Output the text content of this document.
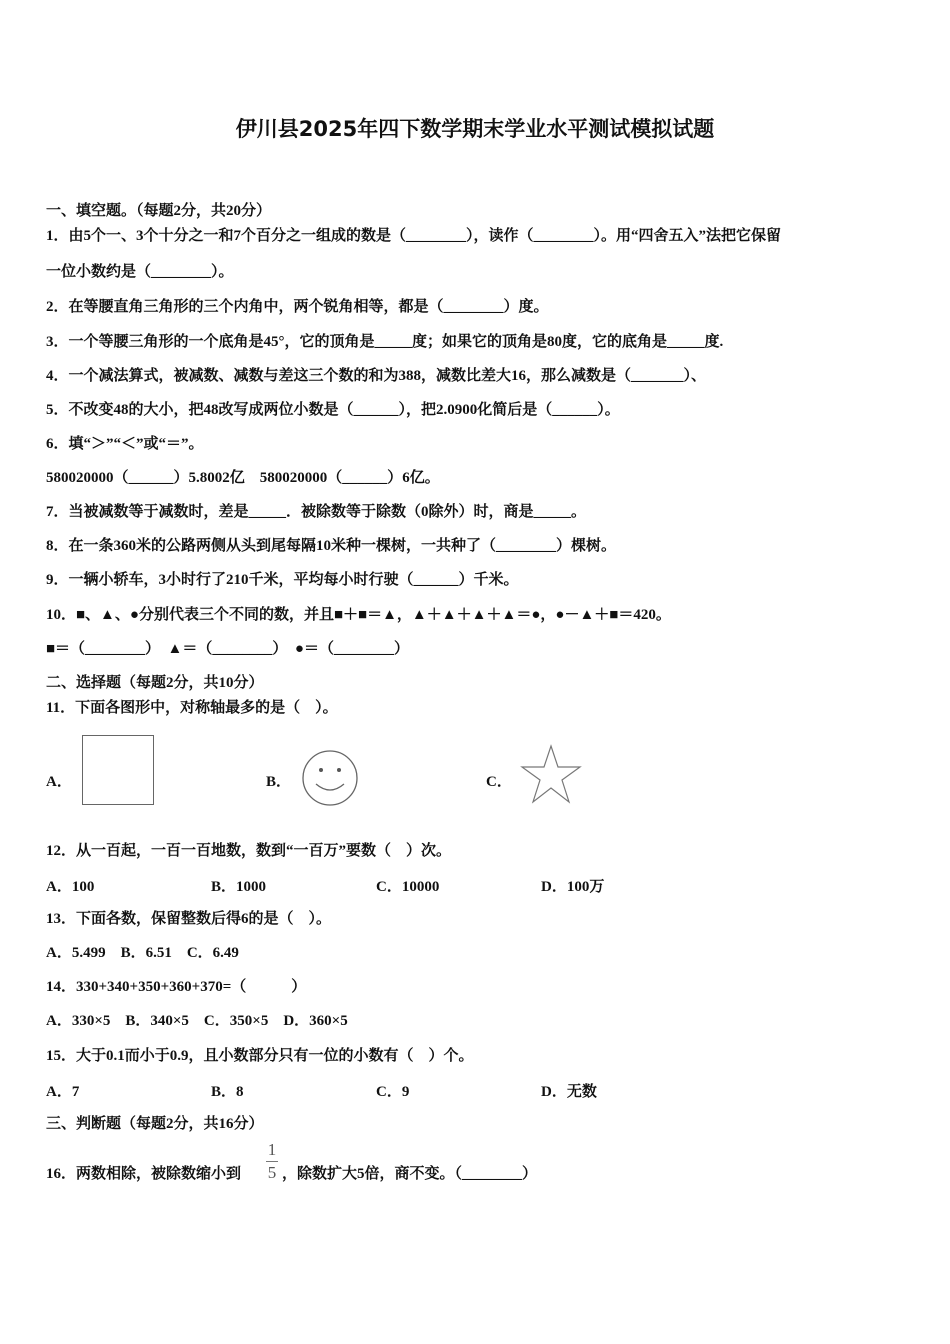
伊川县2025年四下数学期末学业水平测试模拟试题
一、填空题。（每题2分，共20分）
1．由5个一、3个十分之一和7个百分之一组成的数是（________），读作（________）。用“四舍五入”法把它保留
一位小数约是（________）。
2．在等腰直角三角形的三个内角中，两个锐角相等，都是（________）度。
3．一个等腰三角形的一个底角是45°，它的顶角是_____度；如果它的顶角是80度，它的底角是_____度.
4．一个减法算式，被减数、减数与差这三个数的和为388，减数比差大16，那么减数是（_______）、
5．不改变48的大小，把48改写成两位小数是（______），把2.0900化简后是（______）。
6．填“＞”“＜”或“＝”。
580020000（______）5.8002亿　580020000（______）6亿。
7．当被减数等于减数时，差是_____．被除数等于除数（0除外）时，商是_____。
8．在一条360米的公路两侧从头到尾每隔10米种一棵树，一共种了（________）棵树。
9．一辆小轿车，3小时行了210千米，平均每小时行驶（______）千米。
10．■、▲、●分别代表三个不同的数，并且■＋■＝▲，▲＋▲＋▲＋▲＝●，●－▲＋■＝420。
■＝（________）　▲＝（________）　●＝（________）
二、选择题（每题2分，共10分）
11．下面各图形中，对称轴最多的是（　）。
A．	B．	C．
12．从一百起，一百一百地数，数到“一百万”要数（　）次。
A．100	B．1000	C．10000	D．100万
13．下面各数，保留整数后得6的是（　）。
A．5.499　B．6.51　C．6.49
14．330+340+350+360+370=（　　　）
A．330×5　B．340×5　C．350×5　D．360×5
15．大于0.1而小于0.9，且小数部分只有一位的小数有（　）个。
A．7	B．8	C．9	D．无数
三、判断题（每题2分，共16分）
16．两数相除，被除数缩小到
1
5 ，除数扩大5倍，商不变。（________）
